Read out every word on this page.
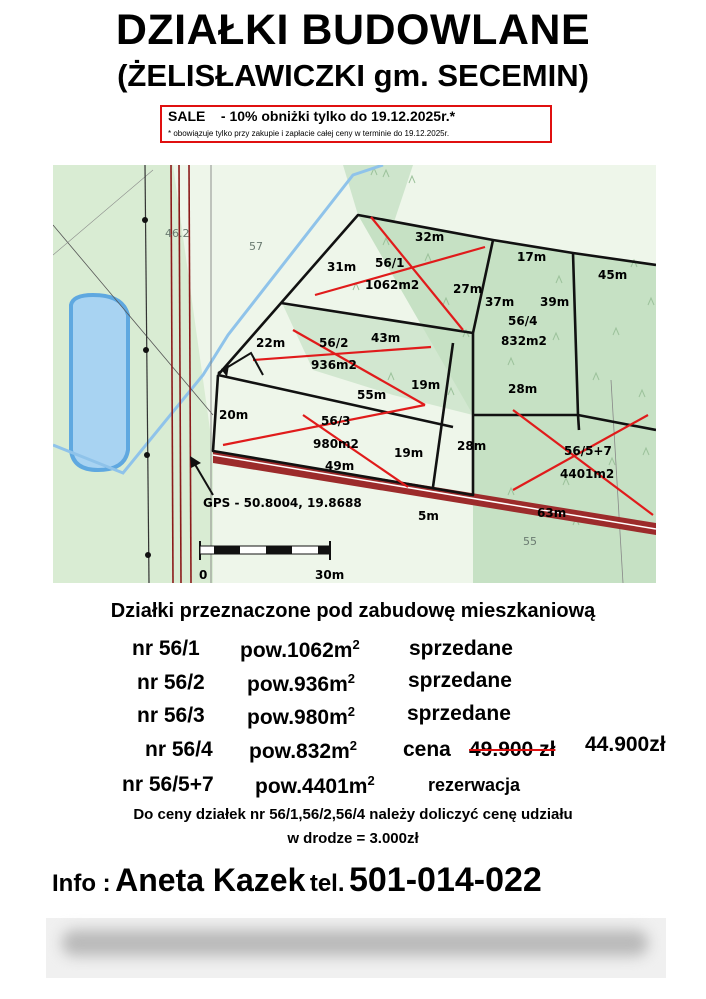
DZIAŁKI BUDOWLANE
(ŻELISŁAWICZKI gm. SECEMIN)
SALE    - 10% obniżki tylko do 19.12.2025r.*
* obowiązuje tylko przy zakupie i zapłacie całej ceny w terminie do 19.12.2025r.
0	30m
46.2
57
55
32m
31m
27m
17m
45m
37m 39m
22m	43m
19m
55m	28m
20m
49m
19m	28m
5m	63m
56/1
1062m2
56/2
936m2
56/3
980m2
56/4
832m2
56/5+7
4401m2
GPS - 50.8004, 19.8688
Działki przeznaczone pod zabudowę mieszkaniową
nr 56/1 $pow.1062m^2$ sprzedane
nr 56/2 $pow.936m^2$	sprzedane
nr 56/3 $pow.980m^2$ sprzedane
nr 56/4 $pow.832m^2$ cena 49.900 zł 44.900zł
nr 56/5+7 $pow.4401m^2$	rezerwacja
Do ceny działek nr 56/1,56/2,56/4 należy doliczyć cenę udziału
w drodze = 3.000zł
Info : Aneta Kazek tel. 501-014-022
